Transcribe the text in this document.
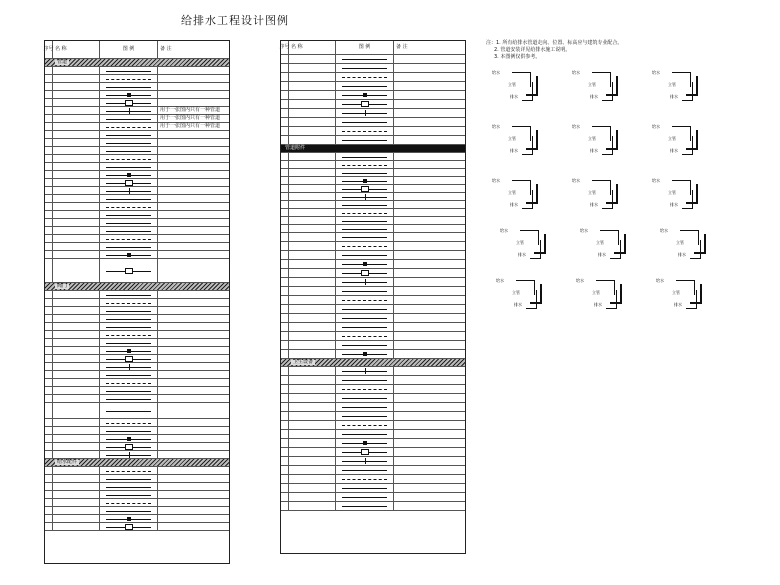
给排水工程设计图例
序号 名 称	图 例	备 注
管道
用于一张图内只有一种管道
用于一张图内只有一种管道
用于一张图内只有一种管道
阀门
给水配件
序号 名 称	图 例	备 注
管道附件
卫生设备
注：1. 所有给排水管道走向、位置、标高应与建筑专业配合。
2. 管道安装详见给排水施工说明。
3. 本图例仅供参考。
给水
立管
排水
给水
立管
排水
给水
立管
排水
给水
立管
排水
给水
立管
排水
给水
立管
排水
给水
立管
排水
给水
立管
排水
给水
立管
排水
给水
立管
排水
给水
立管
排水
给水
立管
排水
给水
立管
排水
给水
立管
排水
给水
立管
排水
